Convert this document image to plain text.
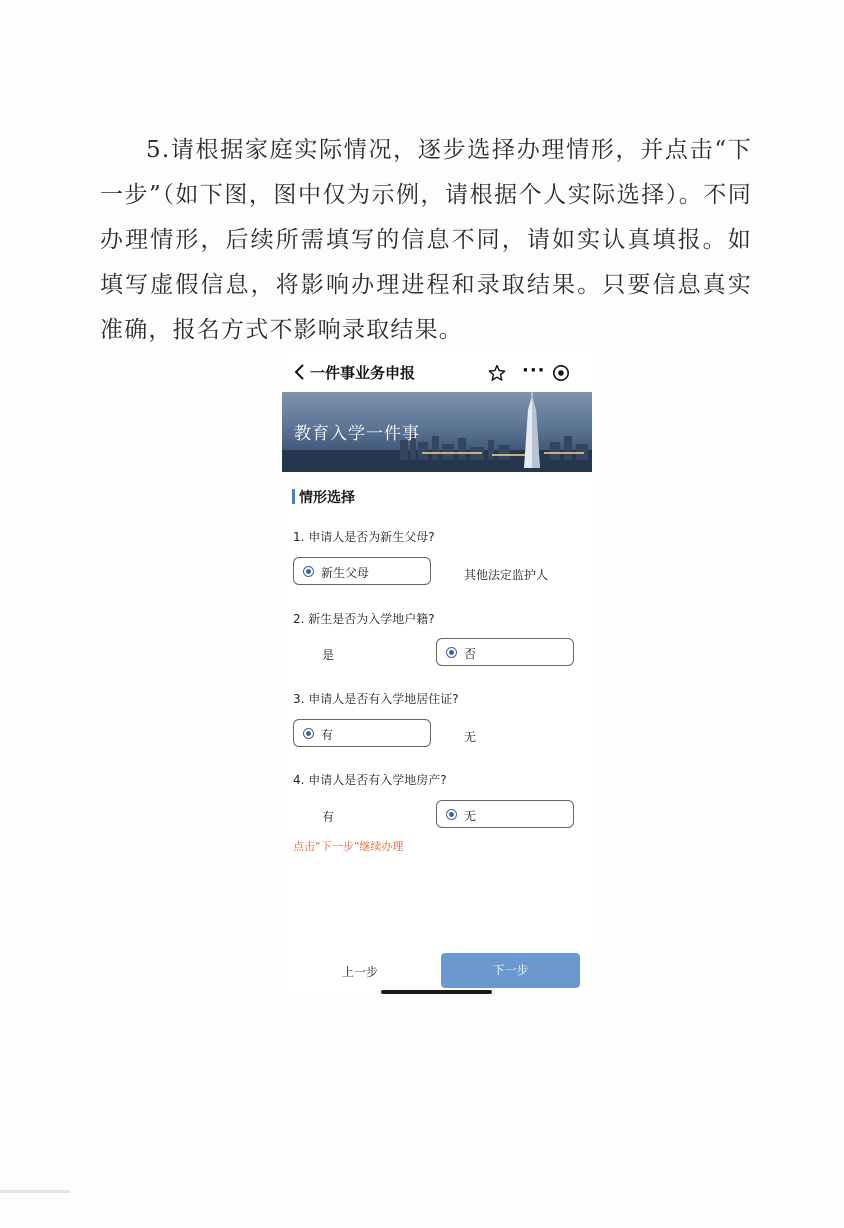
5.请根据家庭实际情况，逐步选择办理情形，并点击“下一步”（如下图，图中仅为示例，请根据个人实际选择）。不同办理情形，后续所需填写的信息不同，请如实认真填报。如填写虚假信息，将影响办理进程和录取结果。只要信息真实准确，报名方式不影响录取结果。

一件事业务申报	···
教育入学一件事
情形选择
1. 申请人是否为新生父母?
新生父母	其他法定监护人
2. 新生是否为入学地户籍?
是	否
3. 申请人是否有入学地居住证?
有	无
4. 申请人是否有入学地房产?
有	无
点击“下一步”继续办理
上一步	下一步
